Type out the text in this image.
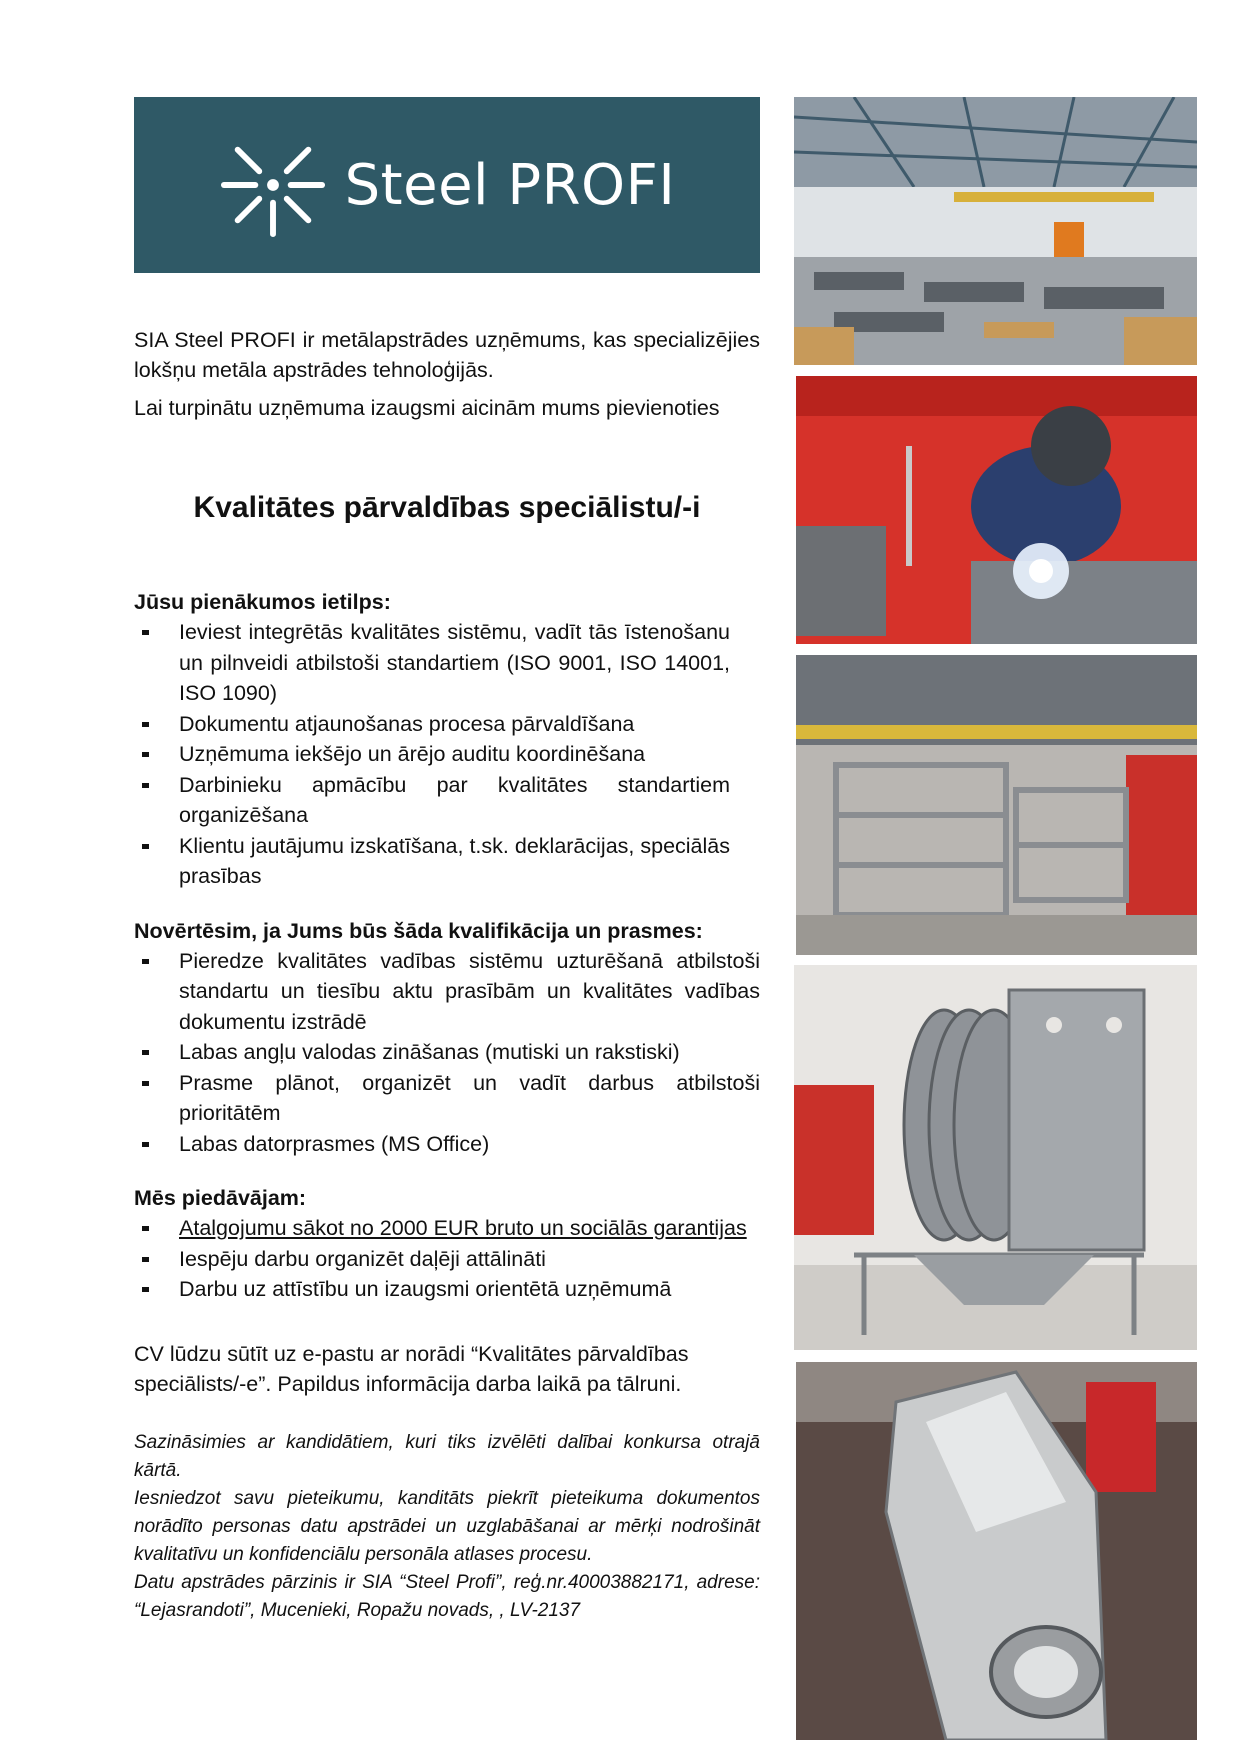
Steel PROFI

SIA Steel PROFI ir metālapstrādes uzņēmums, kas specializējies lokšņu metāla apstrādes tehnoloģijās.

Lai turpinātu uzņēmuma izaugsmi aicinām mums pievienoties

Kvalitātes pārvaldības speciālistu/-i
Jūsu pienākumos ietilps:
Ieviest integrētās kvalitātes sistēmu, vadīt tās īstenošanu un pilnveidi atbilstoši standartiem (ISO 9001, ISO 14001, ISO 1090)
Dokumentu atjaunošanas procesa pārvaldīšana
Uzņēmuma iekšējo un ārējo auditu koordinēšana
Darbinieku apmācību par kvalitātes standartiem organizēšana
Klientu jautājumu izskatīšana, t.sk. deklarācijas, speciālās prasības
Novērtēsim, ja Jums būs šāda kvalifikācija un prasmes:
Pieredze kvalitātes vadības sistēmu uzturēšanā atbilstoši standartu un tiesību aktu prasībām un kvalitātes vadības dokumentu izstrādē
Labas angļu valodas zināšanas (mutiski un rakstiski)
Prasme plānot, organizēt un vadīt darbus atbilstoši prioritātēm
Labas datorprasmes (MS Office)
Mēs piedāvājam:
Atalgojumu sākot no 2000 EUR bruto un sociālās garantijas
Iespēju darbu organizēt daļēji attālināti
Darbu uz attīstību un izaugsmi orientētā uzņēmumā

CV lūdzu sūtīt uz e-pastu ar norādi “Kvalitātes pārvaldības speciālists/-e”. Papildus informācija darba laikā pa tālruni.

Sazināsimies ar kandidātiem, kuri tiks izvēlēti dalībai konkursa otrajā kārtā.

Iesniedzot savu pieteikumu, kanditāts piekrīt pieteikuma dokumentos norādīto personas datu apstrādei un uzglabāšanai ar mērķi nodrošināt kvalitatīvu un konfidenciālu personāla atlases procesu.

Datu apstrādes pārzinis ir SIA “Steel Profi”, reģ.nr.40003882171, adrese: “Lejasrandoti”, Mucenieki, Ropažu novads, , LV-2137
